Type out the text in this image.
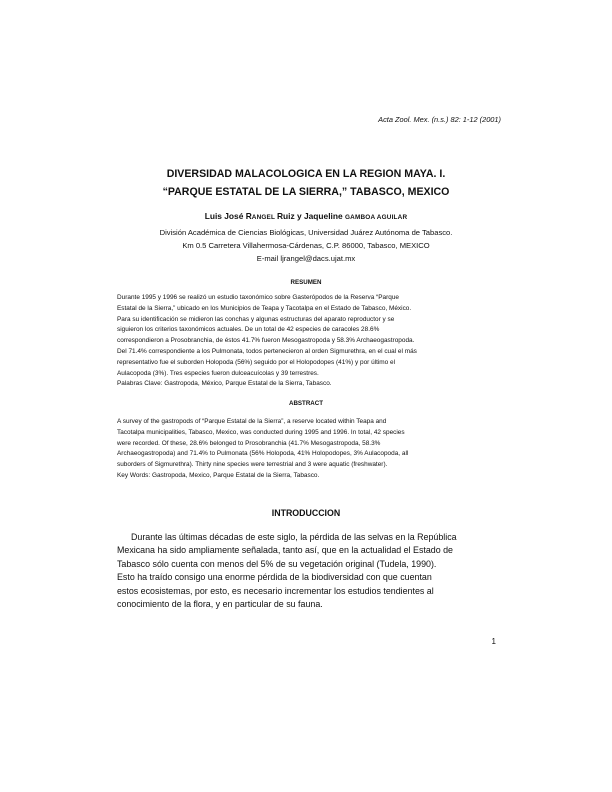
Acta Zool. Mex. (n.s.) 82: 1-12 (2001)

DIVERSIDAD MALACOLOGICA EN LA REGION MAYA. I.

“PARQUE ESTATAL DE LA SIERRA,” TABASCO, MEXICO

Luis José RANGEL Ruiz y Jaqueline GAMBOA AGUILAR

División Académica de Ciencias Biológicas, Universidad Juárez Autónoma de Tabasco.

Km 0.5 Carretera Villahermosa-Cárdenas, C.P. 86000, Tabasco, MEXICO

E-mail ljrangel@dacs.ujat.mx

RESUMEN

Durante 1995 y 1996 se realizó un estudio taxonómico sobre Gasterópodos de la Reserva “Parque

Estatal de la Sierra,” ubicado en los Municipios de Teapa y Tacotalpa en el Estado de Tabasco, México.

Para su identificación se midieron las conchas y algunas estructuras del aparato reproductor y se

siguieron los criterios taxonómicos actuales. De un total de 42 especies de caracoles 28.6%

correspondieron a Prosobranchia, de éstos 41.7% fueron Mesogastropoda y 58.3% Archaeogastropoda.

Del 71.4% correspondiente a los Pulmonata, todos pertenecieron al orden Sigmurethra, en el cual el más

representativo fue el suborden Holopoda (56%) seguido por el Holopodopes (41%) y por último el

Aulacopoda (3%). Tres especies fueron dulceacuícolas y 39 terrestres.

Palabras Clave: Gastropoda, México, Parque Estatal de la Sierra, Tabasco.

ABSTRACT

A survey of the gastropods of “Parque Estatal de la Sierra”, a reserve located within Teapa and

Tacotalpa municipalities, Tabasco, Mexico, was conducted during 1995 and 1996. In total, 42 species

were recorded. Of these, 28.6% belonged to Prosobranchia (41.7% Mesogastropoda, 58.3%

Archaeogastropoda) and 71.4% to Pulmonata (56% Holopoda, 41% Holopodopes, 3% Aulacopoda, all

suborders of Sigmurethra). Thirty nine species were terrestrial and 3 were aquatic (freshwater).

Key Words: Gastropoda, Mexico, Parque Estatal de la Sierra, Tabasco.

INTRODUCCION

Durante las últimas décadas de este siglo, la pérdida de las selvas en la República

Mexicana ha sido ampliamente señalada, tanto así, que en la actualidad el Estado de

Tabasco sólo cuenta con menos del 5% de su vegetación original (Tudela, 1990).

Esto ha traído consigo una enorme pérdida de la biodiversidad con que cuentan

estos ecosistemas, por esto, es necesario incrementar los estudios tendientes al

conocimiento de la flora, y en particular de su fauna.

1
